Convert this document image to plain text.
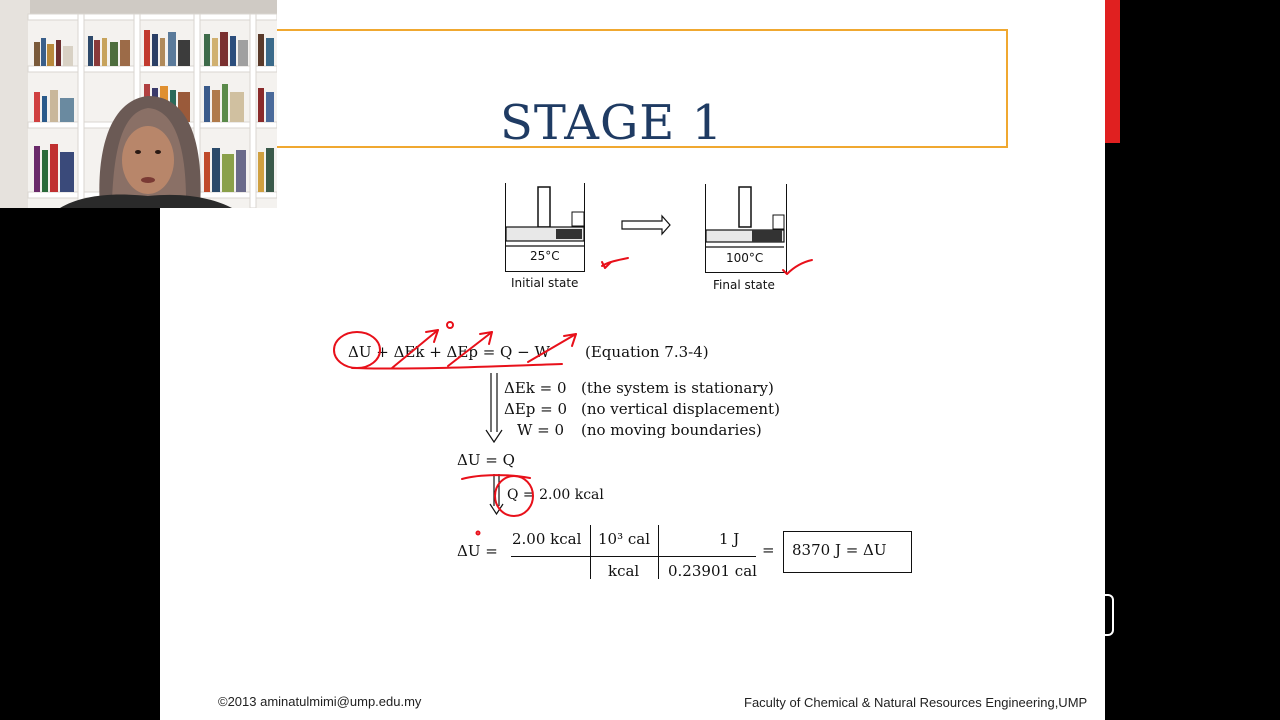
STAGE 1
25°C
Initial state
100°C
Final state
ΔU + ΔEk + ΔEp = Q − W (Equation 7.3-4)
ΔEk = 0 (the system is stationary)
ΔEp = 0 (no vertical displacement)
W = 0 (no moving boundaries)
ΔU = Q
Q = 2.00 kcal
ΔU =
2.00 kcal 10³ cal
kcal
1 J
0.23901 cal
= 8370 J = ΔU
©2013 aminatulmimi@ump.edu.my	Faculty of Chemical & Natural Resources Engineering,UMP
